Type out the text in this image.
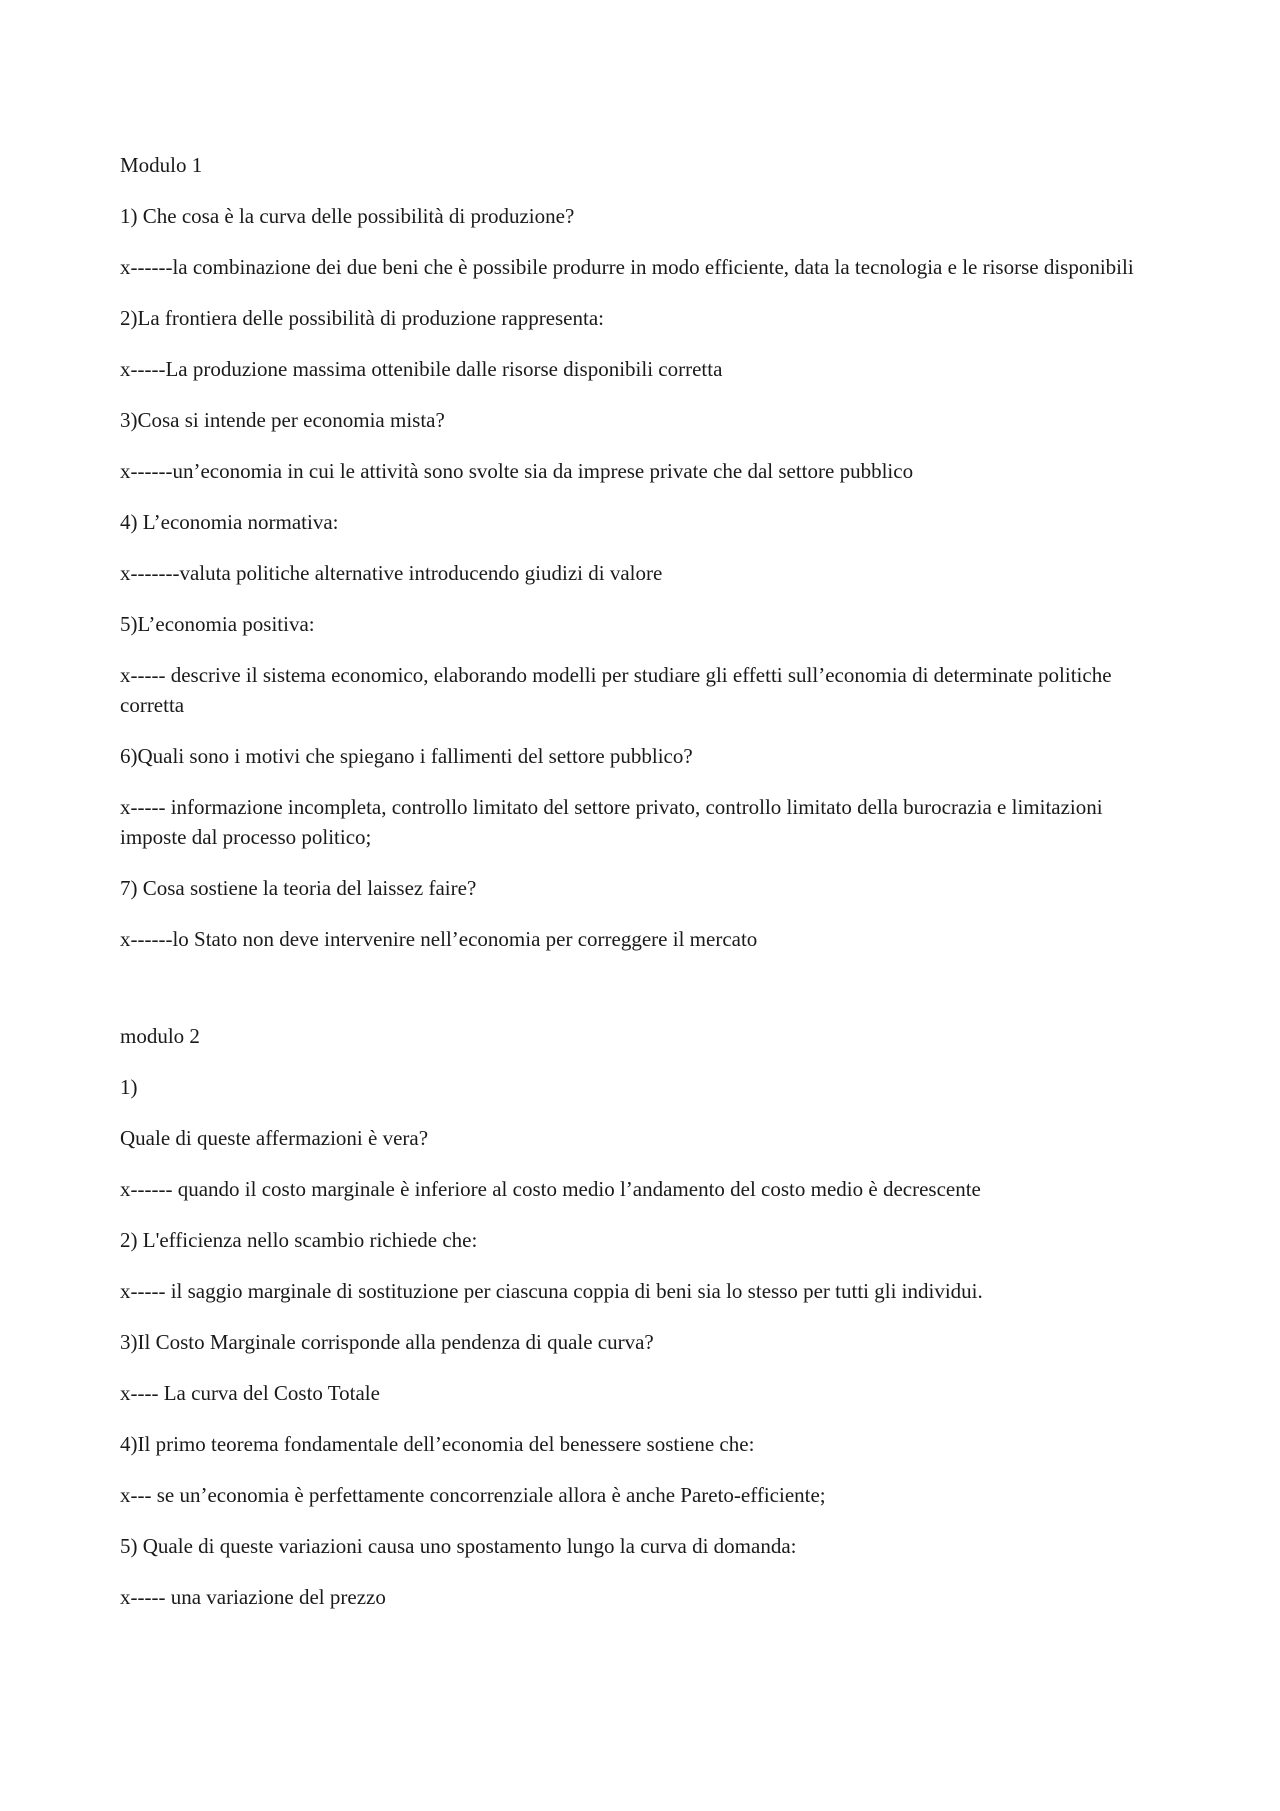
Modulo 1

1) Che cosa è la curva delle possibilità di produzione?

x------la combinazione dei due beni che è possibile produrre in modo efficiente, data la tecnologia e le risorse disponibili

2)La frontiera delle possibilità di produzione rappresenta:

x-----La produzione massima ottenibile dalle risorse disponibili corretta

3)Cosa si intende per economia mista?

x------un’economia in cui le attività sono svolte sia da imprese private che dal settore pubblico

4) L’economia normativa:

x-------valuta politiche alternative introducendo giudizi di valore

5)L’economia positiva:

x----- descrive il sistema economico, elaborando modelli per studiare gli effetti sull’economia di determinate politiche corretta

6)Quali sono i motivi che spiegano i fallimenti del settore pubblico?

x----- informazione incompleta, controllo limitato del settore privato, controllo limitato della burocrazia e limitazioni imposte dal processo politico;

7) Cosa sostiene la teoria del laissez faire?

x------lo Stato non deve intervenire nell’economia per correggere il mercato

modulo 2

1)

Quale di queste affermazioni è vera?

x------ quando il costo marginale è inferiore al costo medio l’andamento del costo medio è decrescente

2) L'efficienza nello scambio richiede che:

x----- il saggio marginale di sostituzione per ciascuna coppia di beni sia lo stesso per tutti gli individui.

3)Il Costo Marginale corrisponde alla pendenza di quale curva?

x---- La curva del Costo Totale

4)Il primo teorema fondamentale dell’economia del benessere sostiene che:

x--- se un’economia è perfettamente concorrenziale allora è anche Pareto-efficiente;

5) Quale di queste variazioni causa uno spostamento lungo la curva di domanda:

x----- una variazione del prezzo
